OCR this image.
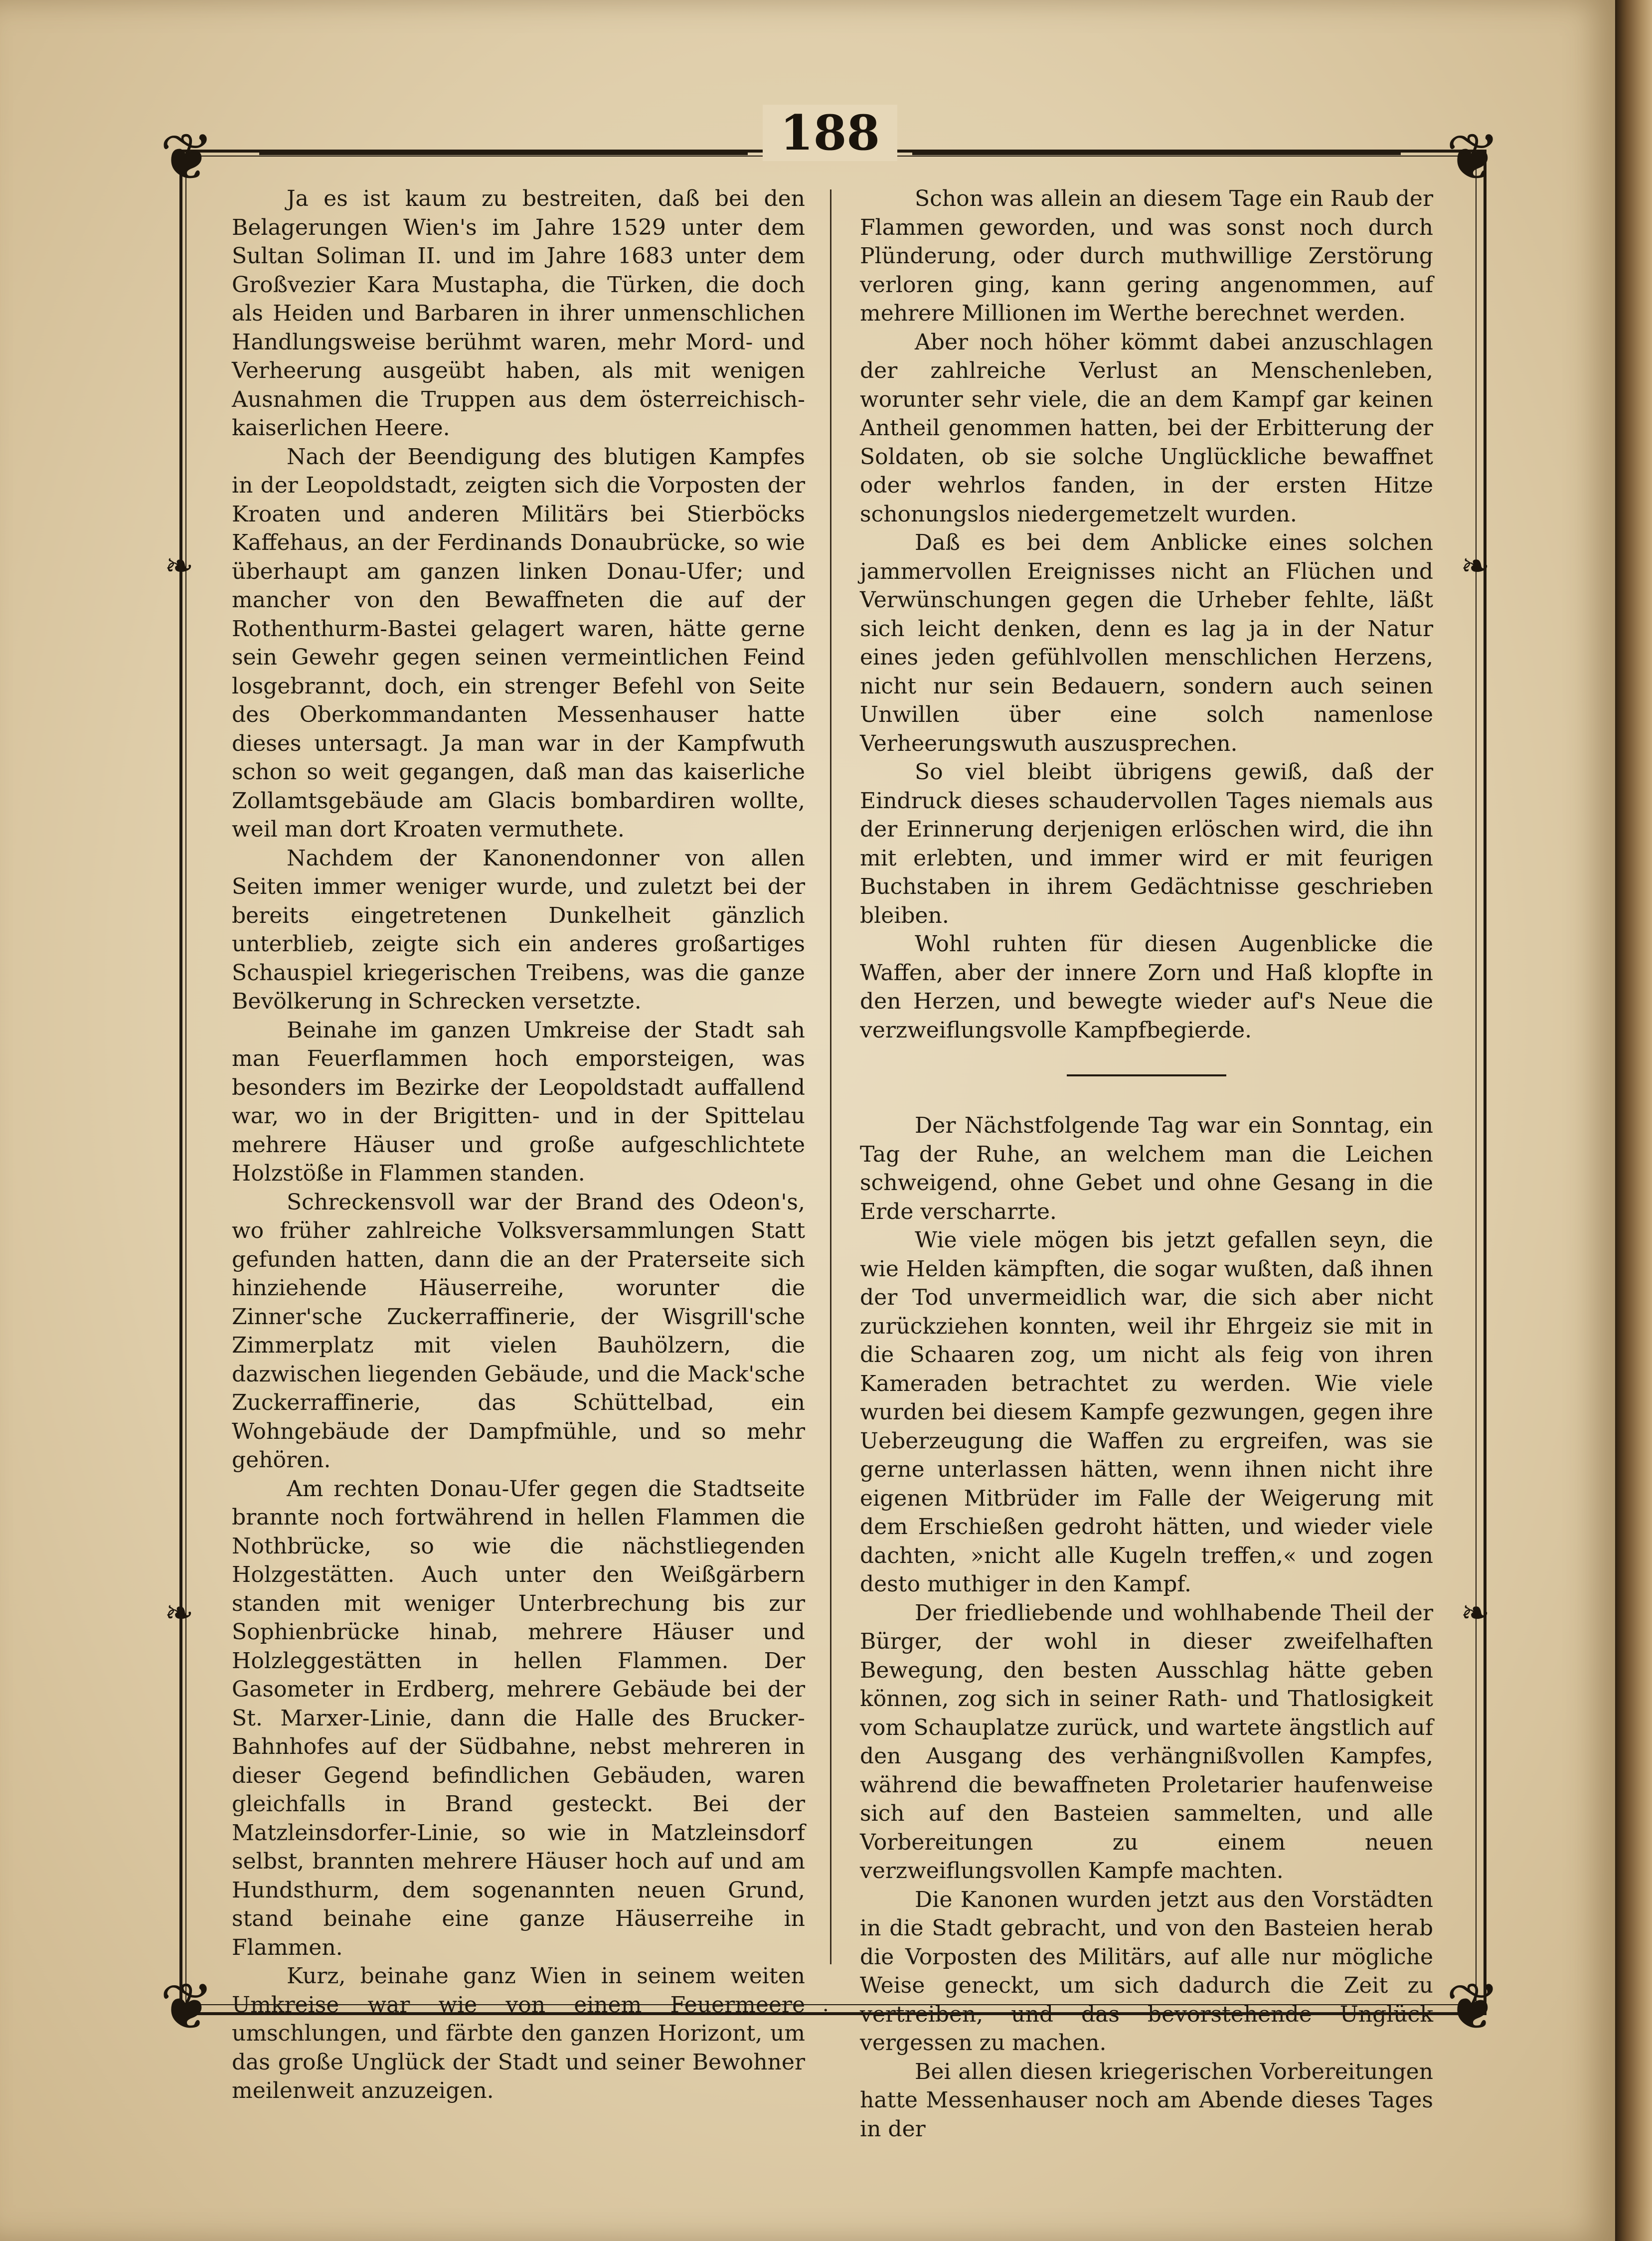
❦	❦
❦	❦
❧
❧
❧
❧
188

Ja es ist kaum zu bestreiten, daß bei den Belagerungen Wien's im Jahre 1529 unter dem Sultan Soliman II. und im Jahre 1683 unter dem Großvezier Kara Mustapha, die Türken, die doch als Heiden und Barbaren in ihrer unmenschlichen Handlungsweise berühmt waren, mehr Mord- und Verheerung ausgeübt haben, als mit wenigen Ausnahmen die Truppen aus dem österreichisch-kaiserlichen Heere.

Nach der Beendigung des blutigen Kampfes in der Leopoldstadt, zeigten sich die Vorposten der Kroaten und anderen Militärs bei Stierböcks Kaffehaus, an der Ferdinands Donaubrücke, so wie überhaupt am ganzen linken Donau-Ufer; und mancher von den Bewaffneten die auf der Rothenthurm-Bastei gelagert waren, hätte gerne sein Gewehr gegen seinen vermeintlichen Feind losgebrannt, doch, ein strenger Befehl von Seite des Oberkommandanten Messenhauser hatte dieses untersagt. Ja man war in der Kampfwuth schon so weit gegangen, daß man das kaiserliche Zollamtsgebäude am Glacis bombardiren wollte, weil man dort Kroaten vermuthete.

Nachdem der Kanonendonner von allen Seiten immer weniger wurde, und zuletzt bei der bereits eingetretenen Dunkelheit gänzlich unterblieb, zeigte sich ein anderes großartiges Schauspiel kriegerischen Treibens, was die ganze Bevölkerung in Schrecken versetzte.

Beinahe im ganzen Umkreise der Stadt sah man Feuerflammen hoch emporsteigen, was besonders im Bezirke der Leopoldstadt auffallend war, wo in der Brigitten- und in der Spittelau mehrere Häuser und große aufgeschlichtete Holzstöße in Flammen standen.

Schreckensvoll war der Brand des Odeon's, wo früher zahlreiche Volksversammlungen Statt gefunden hatten, dann die an der Praterseite sich hinziehende Häuserreihe, worunter die Zinner'sche Zuckerraffinerie, der Wisgrill'sche Zimmerplatz mit vielen Bauhölzern, die dazwischen liegenden Gebäude, und die Mack'sche Zuckerraffinerie, das Schüttelbad, ein Wohngebäude der Dampfmühle, und so mehr gehören.

Am rechten Donau-Ufer gegen die Stadtseite brannte noch fortwährend in hellen Flammen die Nothbrücke, so wie die nächstliegenden Holzgestätten. Auch unter den Weißgärbern standen mit weniger Unterbrechung bis zur Sophienbrücke hinab, mehrere Häuser und Holzleggestätten in hellen Flammen. Der Gasometer in Erdberg, mehrere Gebäude bei der St. Marxer-Linie, dann die Halle des Brucker-Bahnhofes auf der Südbahne, nebst mehreren in dieser Gegend befindlichen Gebäuden, waren gleichfalls in Brand gesteckt. Bei der Matzleinsdorfer-Linie, so wie in Matzleinsdorf selbst, brannten mehrere Häuser hoch auf und am Hundsthurm, dem sogenannten neuen Grund, stand beinahe eine ganze Häuserreihe in Flammen.

Kurz, beinahe ganz Wien in seinem weiten Umkreise war wie von einem Feuermeere umschlungen, und färbte den ganzen Horizont, um das große Unglück der Stadt und seiner Bewohner meilenweit anzuzeigen.

Schon was allein an diesem Tage ein Raub der Flammen geworden, und was sonst noch durch Plünderung, oder durch muthwillige Zerstörung verloren ging, kann gering angenommen, auf mehrere Millionen im Werthe berechnet werden.

Aber noch höher kömmt dabei anzuschlagen der zahlreiche Verlust an Menschenleben, worunter sehr viele, die an dem Kampf gar keinen Antheil genommen hatten, bei der Erbitterung der Soldaten, ob sie solche Unglückliche bewaffnet oder wehrlos fanden, in der ersten Hitze schonungslos niedergemetzelt wurden.

Daß es bei dem Anblicke eines solchen jammervollen Ereignisses nicht an Flüchen und Verwünschungen gegen die Urheber fehlte, läßt sich leicht denken, denn es lag ja in der Natur eines jeden gefühlvollen menschlichen Herzens, nicht nur sein Bedauern, sondern auch seinen Unwillen über eine solch namenlose Verheerungswuth auszusprechen.

So viel bleibt übrigens gewiß, daß der Eindruck dieses schaudervollen Tages niemals aus der Erinnerung derjenigen erlöschen wird, die ihn mit erlebten, und immer wird er mit feurigen Buchstaben in ihrem Gedächtnisse geschrieben bleiben.

Wohl ruhten für diesen Augenblicke die Waffen, aber der innere Zorn und Haß klopfte in den Herzen, und bewegte wieder auf's Neue die verzweiflungsvolle Kampfbegierde.

Der Nächstfolgende Tag war ein Sonntag, ein Tag der Ruhe, an welchem man die Leichen schweigend, ohne Gebet und ohne Gesang in die Erde verscharrte.

Wie viele mögen bis jetzt gefallen seyn, die wie Helden kämpften, die sogar wußten, daß ihnen der Tod unvermeidlich war, die sich aber nicht zurückziehen konnten, weil ihr Ehrgeiz sie mit in die Schaaren zog, um nicht als feig von ihren Kameraden betrachtet zu werden. Wie viele wurden bei diesem Kampfe gezwungen, gegen ihre Ueberzeugung die Waffen zu ergreifen, was sie gerne unterlassen hätten, wenn ihnen nicht ihre eigenen Mitbrüder im Falle der Weigerung mit dem Erschießen gedroht hätten, und wieder viele dachten, »nicht alle Kugeln treffen,« und zogen desto muthiger in den Kampf.

Der friedliebende und wohlhabende Theil der Bürger, der wohl in dieser zweifelhaften Bewegung, den besten Ausschlag hätte geben können, zog sich in seiner Rath- und Thatlosigkeit vom Schauplatze zurück, und wartete ängstlich auf den Ausgang des verhängnißvollen Kampfes, während die bewaffneten Proletarier haufenweise sich auf den Basteien sammelten, und alle Vorbereitungen zu einem neuen verzweiflungsvollen Kampfe machten.

Die Kanonen wurden jetzt aus den Vorstädten in die Stadt gebracht, und von den Basteien herab die Vorposten des Militärs, auf alle nur mögliche Weise geneckt, um sich dadurch die Zeit zu vertreiben, und das bevorstehende Unglück vergessen zu machen.

Bei allen diesen kriegerischen Vorbereitungen hatte Messenhauser noch am Abende dieses Tages in der

·
